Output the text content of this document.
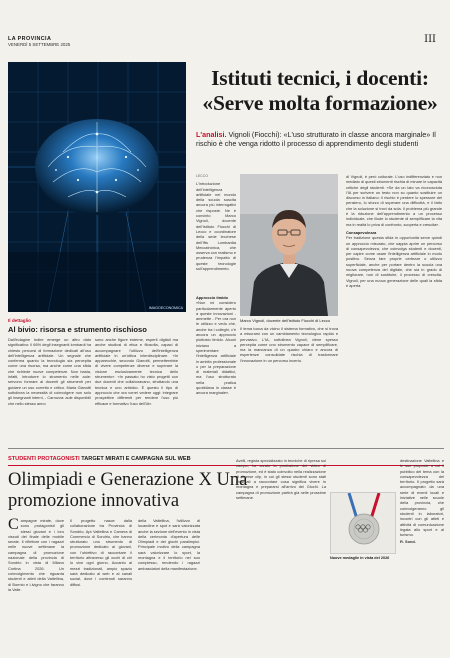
LA PROVINCIA
VENERDÌ 5 SETTEMBRE 2025	III
IMAGOECONOMICA
Il dettaglio
Al bivio: risorsa e strumento rischioso

Dall'indagine Indire emerge un altro dato significativo: il 66% degli insegnanti lombardi ha chiesto percorsi di formazione dedicati all'uso dell'intelligenza artificiale. Un segnale che conferma quanto la tecnologia sia percepita come una risorsa, ma anche come una sfida che richiede nuove competenze. Non basta, infatti, introdurre lo strumento nelle aule: servono formare ai docenti gli strumenti per guidare un uso corretto e critico. Maria Gianotti sottolinea la necessità di coinvolgere non solo gli insegnanti interni, - Carrozza: aule disponibili che nello stesso anno

sono anche figure esterne, esperti digitali ma anche studiosi di etica e filosofia, capaci di accompagnare l'utilizzo dell'intelligenza artificiale in un'ottica interdisciplinare. «In apparecchie, secondo Gianotti, permetterebbe di vivere competenze diverse e superare la visione esclusivamente tecnica dello strumento». «In passato ho visto progetti con due docenti che collaboravano, sfruttando una tecnica e uno artistico. È questo il tipo di approccio che ora vorrei vedere oggi: integrare prospettive differenti per rendere l'uso più efficace e formativo l'uso dell'IA».

Istituti tecnici, i docenti: «Serve molta formazione»
L'analisi. Vignoli (Fiocchi): «L'uso strutturato in classe ancora marginale» Il rischio è che venga ridotto il processo di apprendimento degli studenti
LECCO

L'introduzione dell'intelligenza artificiale nel mondo della scuola suscita ancora più interrogativi che risposte. Ne è convinto Marco Vignoli, docente dell'Istituto Fiocchi di Lecco e coordinatore della sede lecchese dell'Ifts Lombardia Meccatronica, che osserva con realismo e prudenza l'impatto di queste tecnologie sull'apprendimento.

Approccio timido

«Non mi considero particolarmente aperto a queste innovazioni - ammette - Per ora non le utilizzo e vedo che, anche tra i colleghi, c'è ancora un approccio piuttosto timido. Alcuni iniziano a sperimentare l'intelligenza artificiale in ambito professionale o per la preparazione di materiali didattici, ma l'uso strutturato nella pratica quotidiana in classe è ancora marginale».

Il tema tocca da vicino il sistema formativo, che si trova a misurarsi con un cambiamento tecnologico rapido e pervasivo. L'IA, sottolinea Vignoli, viene spesso percepita come uno strumento capace di semplificare, ma la mancanza di un quadro chiaro e ancora di esperienze consolidate rischia di trasformare l'innovazione in un percorso incerto.

di Vignoli, è però culturale. L'uso indifferenziato e non mediato di questi strumenti rischia di minare le capacità critiche degli studenti. «Se da un lato va riconosciuta l'IA per scrivere un testo non so quanto sostituire un discorso in italiano: il rischio è perdere lo spessore del pensiero, lo sforzo di superare una difficoltà, e il fatto che la soluzione si trovi da sola. Il problema più grande è la riduzione dell'apprendimento a un processo individuale, che illude lo studente di semplificare la vita ma in realtà lo priva di confronto, scoperta e crescita».

Consapevolezza

Per tradizione questa sfida in opportunità serve quindi un approccio misurato, che sappia aprire un percorso di consapevolezza, che coinvolga studenti e docenti, per capire come usare l'intelligenza artificiale in modo positivo. Senza fare proprie certezze o utilizzo superficiale, anche per portare dentro la scuola una nuova competenza del digitale, che sia in grado di migliorare, non di sostituire, il processo di crescita. Vignoli, per una nuova generazione delle quali la sfida è aperta.

Marco Vignoli, docente dell'istituto Fiocchi di Lecco
STUDENTI PROTAGONISTI TARGET MIRATI E CAMPAGNA SUL WEB
Olimpiadi e Generazione X Una promozione innovativa
C ampagne mirate, dove sono protagonisti gli stessi giovani e i loro vissuti del finale delle mobile serate. Il riflettore con i ragazzi nelle nuove settimane la campagna di promozione nazionale della provincia di Sondrio in vista di Milano Cortina 2026. Un coinvolgimento che riguarda studenti e atleti della Valtellina, di Bormio e Livigno che faranno la Valle.
Il progetto nasce dalla collaborazione tra Provincia di Sondrio, Apt Valtellina e Camera di Commercio di Sondrio, che hanno strutturato uno strumento di promozione dedicato ai giovani, con l'obiettivo di raccontare il territorio attraverso gli occhi di chi lo vive ogni giorno. Accanto ai mezzi tradizionali, ampio spazio sarà dedicato al web e ai canali social, dove i contenuti saranno diffusi.
della Valtellina, l'utilizzo di locandine e spot e sarà valorizzata anche la sezione dell'evento in vista della cerimonia d'apertura delle Olimpiadi e dei giochi paralimpici. Principale motivo della campagna sarà valorizzare lo sport, la montagna e il territorio nel suo complesso, rendendo i ragazzi ambasciatori della manifestazione.
Avelli, regista specializzato in tecniche di ripresa sul campo, ha curato la produzione dei video di promozione, ed è stato coinvolto nella realizzazione di diverse clip, in cui gli stessi studenti sono stati chiamati a raccontare cosa significa vivere in montagna e prepararsi all'arrivo dei Giochi. La campagna di promozione partirà già nelle prossime settimane.
Nuove medaglie in vista del 2026
destinazione Valtellina e le sue proposte a cui il pubblico del tema con la consapevolezza del territorio. Il progetto sarà accompagnato da una serie di eventi locali e iniziative nelle scuole della provincia, che coinvolgeranno gli studenti in laboratori, incontri con gli atleti e attività di comunicazione legata allo sport e al turismo.
R. Sond.
